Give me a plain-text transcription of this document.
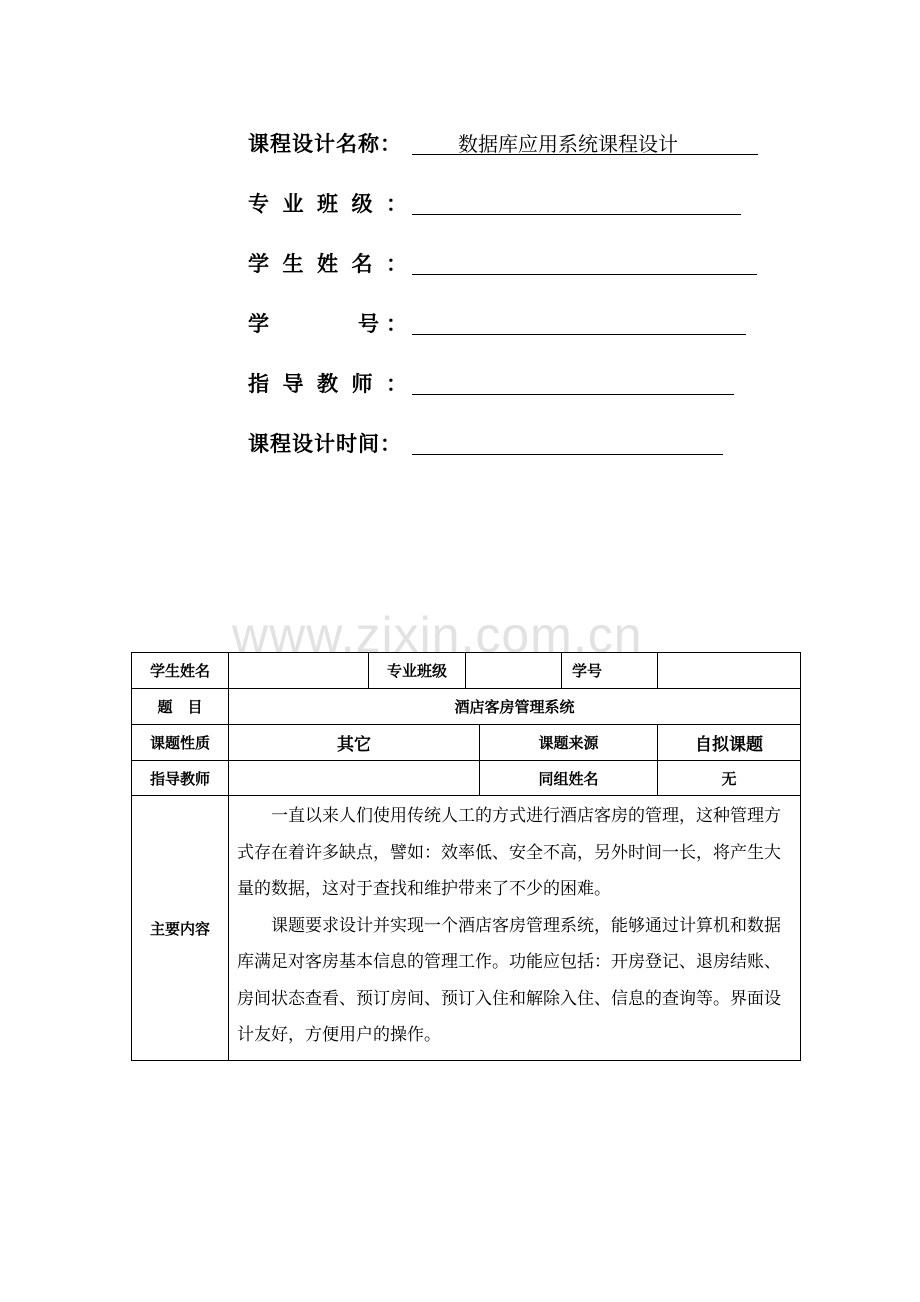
课程设计名称：	数据库应用系统课程设计
专 业 班 级 ：
学 生 姓 名 ：
学	号 ：
指 导 教 师 ：
课程设计时间：
www.zixin.com.cn
学生姓名		专业班级			学号	
题　目	酒店客房管理系统					
课题性质	其它			课题来源		自拟课题
指导教师				同组姓名		无
主要内容	一直以来人们使用传统人工的方式进行酒店客房的管理，这种管理方式存在着许多缺点，譬如：效率低、安全不高，另外时间一长，将产生大量的数据，这对于查找和维护带来了不少的困难。

课题要求设计并实现一个酒店客房管理系统，能够通过计算机和数据库满足对客房基本信息的管理工作。功能应包括：开房登记、退房结账、房间状态查看、预订房间、预订入住和解除入住、信息的查询等。界面设计友好，方便用户的操作。					
